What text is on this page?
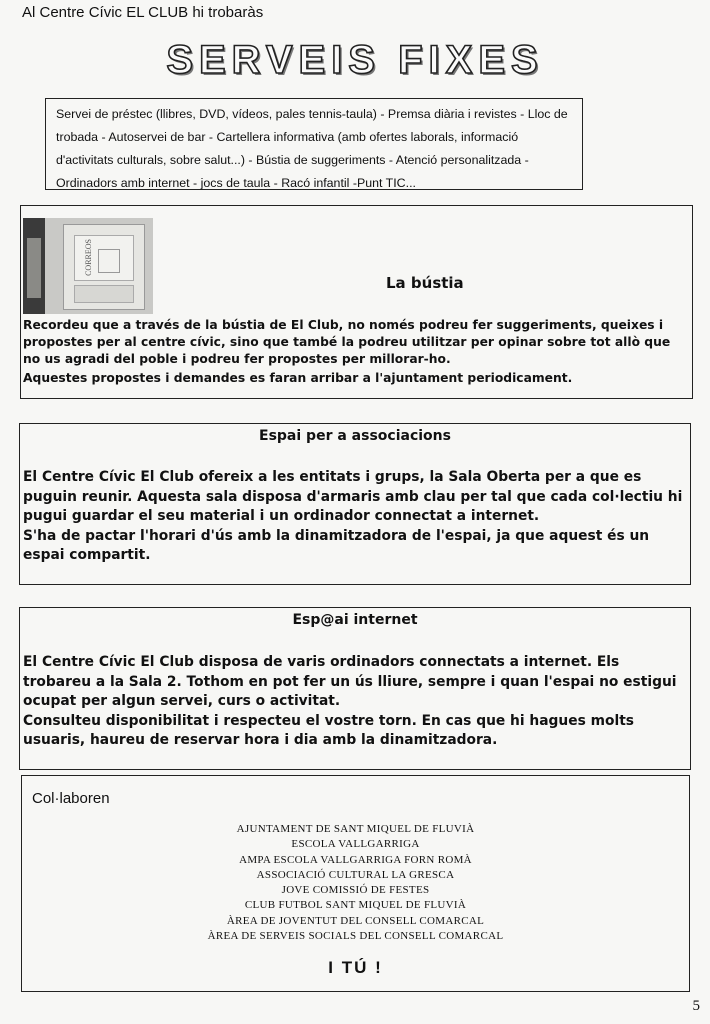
Al Centre Cívic EL CLUB hi trobaràs
SERVEIS FIXES
Servei de préstec (llibres, DVD, vídeos, pales tennis-taula) - Premsa diària i revistes - Lloc de trobada - Autoservei de bar - Cartellera informativa (amb ofertes laborals, informació d'activitats culturals, sobre salut...) - Bústia de suggeriments - Atenció personalitzada - Ordinadors amb internet - jocs de taula - Racó infantil -Punt TIC...
CORREOS
La bústia

Recordeu que a través de la bústia de El Club, no només podreu fer suggeriments, queixes i propostes per al centre cívic, sino que també la podreu utilitzar per opinar sobre tot allò que no us agradi del poble i podreu fer propostes per millorar-ho.

Aquestes propostes i demandes es faran arribar a l'ajuntament periodicament.

Espai per a associacions

El Centre Cívic El Club ofereix a les entitats i grups, la Sala Oberta per a que es puguin reunir. Aquesta sala disposa d'armaris amb clau per tal que cada col·lectiu hi pugui guardar el seu material i un ordinador connectat a internet.

S'ha de pactar l'horari d'ús amb la dinamitzadora de l'espai, ja que aquest és un espai compartit.

Esp@ai internet

El Centre Cívic El Club disposa de varis ordinadors connectats a internet. Els trobareu a la Sala 2. Tothom en pot fer un ús lliure, sempre i quan l'espai no estigui ocupat per algun servei, curs o activitat.

Consulteu disponibilitat i respecteu el vostre torn. En cas que hi hagues molts usuaris, haureu de reservar hora i dia amb la dinamitzadora.

Col·laboren
AJUNTAMENT DE SANT MIQUEL DE FLUVIÀ
ESCOLA VALLGARRIGA
AMPA ESCOLA VALLGARRIGA FORN ROMÀ
ASSOCIACIÓ CULTURAL LA GRESCA
JOVE COMISSIÓ DE FESTES
CLUB FUTBOL SANT MIQUEL DE FLUVIÀ
ÀREA DE JOVENTUT DEL CONSELL COMARCAL
ÀREA DE SERVEIS SOCIALS DEL CONSELL COMARCAL
I TÚ !
5
